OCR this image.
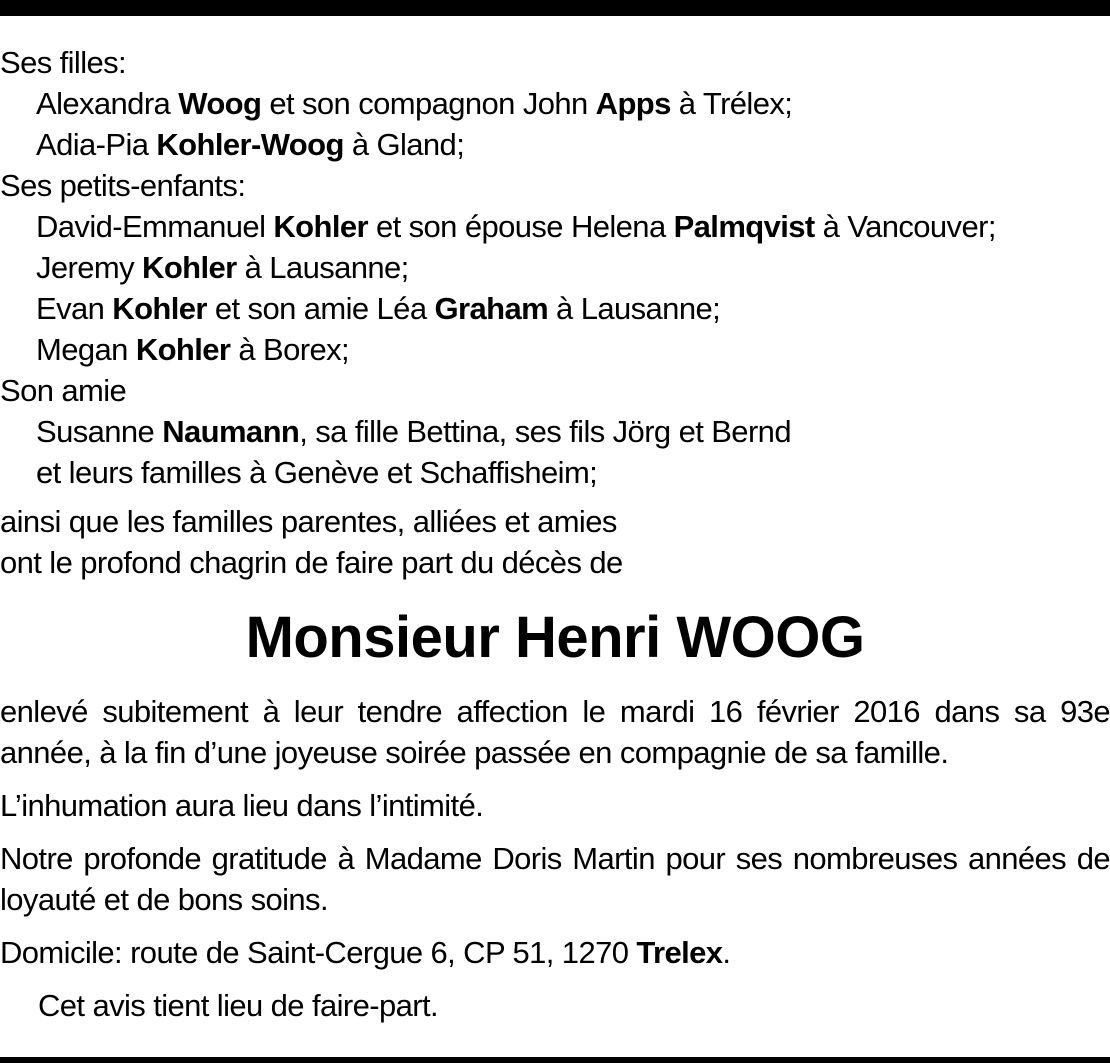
Ses filles:
Alexandra Woog et son compagnon John Apps à Trélex;
Adia-Pia Kohler-Woog à Gland;
Ses petits-enfants:
David-Emmanuel Kohler et son épouse Helena Palmqvist à Vancouver;
Jeremy Kohler à Lausanne;
Evan Kohler et son amie Léa Graham à Lausanne;
Megan Kohler à Borex;
Son amie
Susanne Naumann, sa fille Bettina, ses fils Jörg et Bernd
et leurs familles à Genève et Schaffisheim;
ainsi que les familles parentes, alliées et amies
ont le profond chagrin de faire part du décès de
Monsieur Henri WOOG
enlevé subitement à leur tendre affection le mardi 16 février 2016 dans sa 93e année, à la fin d’une joyeuse soirée passée en compagnie de sa famille.
L’inhumation aura lieu dans l’intimité.
Notre profonde gratitude à Madame Doris Martin pour ses nombreuses années de loyauté et de bons soins.
Domicile: route de Saint-Cergue 6, CP 51, 1270 Trelex.
Cet avis tient lieu de faire-part.
